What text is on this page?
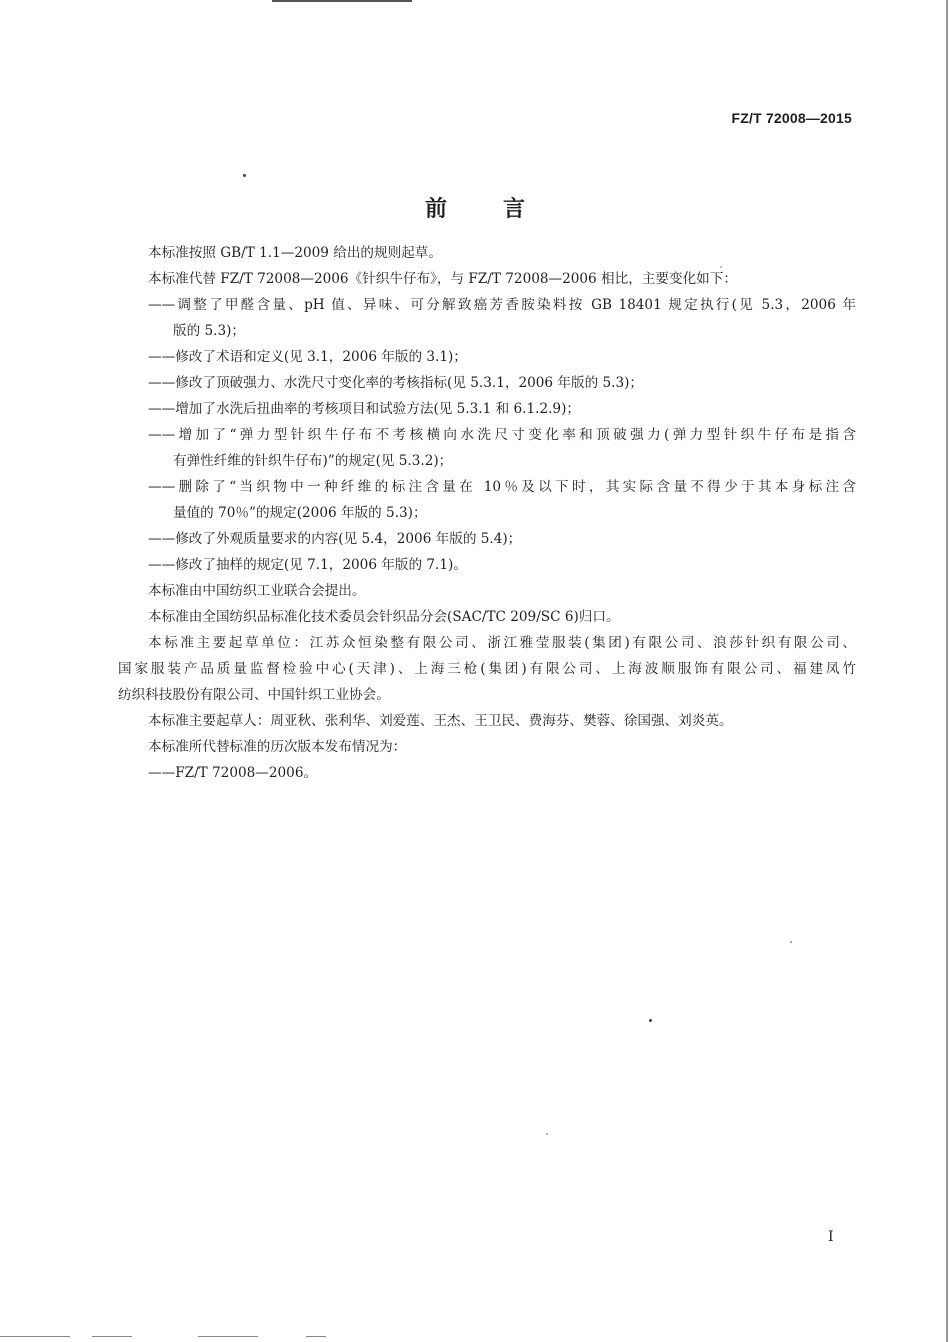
FZ/T 72008—2015
前言
本标准按照 GB/T 1.1—2009 给出的规则起草。
本标准代替 FZ/T 72008—2006《针织牛仔布》，与 FZ/T 72008—2006 相比，主要变化如下：
——调整了甲醛含量、pH 值、异味、可分解致癌芳香胺染料按 GB 18401 规定执行(见 5.3，2006 年
版的 5.3)；
——修改了术语和定义(见 3.1，2006 年版的 3.1)；
——修改了顶破强力、水洗尺寸变化率的考核指标(见 5.3.1，2006 年版的 5.3)；
——增加了水洗后扭曲率的考核项目和试验方法(见 5.3.1 和 6.1.2.9)；
——增加了“弹力型针织牛仔布不考核横向水洗尺寸变化率和顶破强力(弹力型针织牛仔布是指含
有弹性纤维的针织牛仔布)”的规定(见 5.3.2)；
——删除了“当织物中一种纤维的标注含量在 10％及以下时，其实际含量不得少于其本身标注含
量值的 70％”的规定(2006 年版的 5.3)；
——修改了外观质量要求的内容(见 5.4，2006 年版的 5.4)；
——修改了抽样的规定(见 7.1，2006 年版的 7.1)。
本标准由中国纺织工业联合会提出。
本标准由全国纺织品标准化技术委员会针织品分会(SAC/TC 209/SC 6)归口。
本标准主要起草单位：江苏众恒染整有限公司、浙江雅莹服装(集团)有限公司、浪莎针织有限公司、
国家服装产品质量监督检验中心(天津)、上海三枪(集团)有限公司、上海波顺服饰有限公司、福建凤竹
纺织科技股份有限公司、中国针织工业协会。
本标准主要起草人：周亚秋、张利华、刘爱莲、王杰、王卫民、费海芬、樊蓉、徐国强、刘炎英。
本标准所代替标准的历次版本发布情况为：
——FZ/T 72008—2006。
I
